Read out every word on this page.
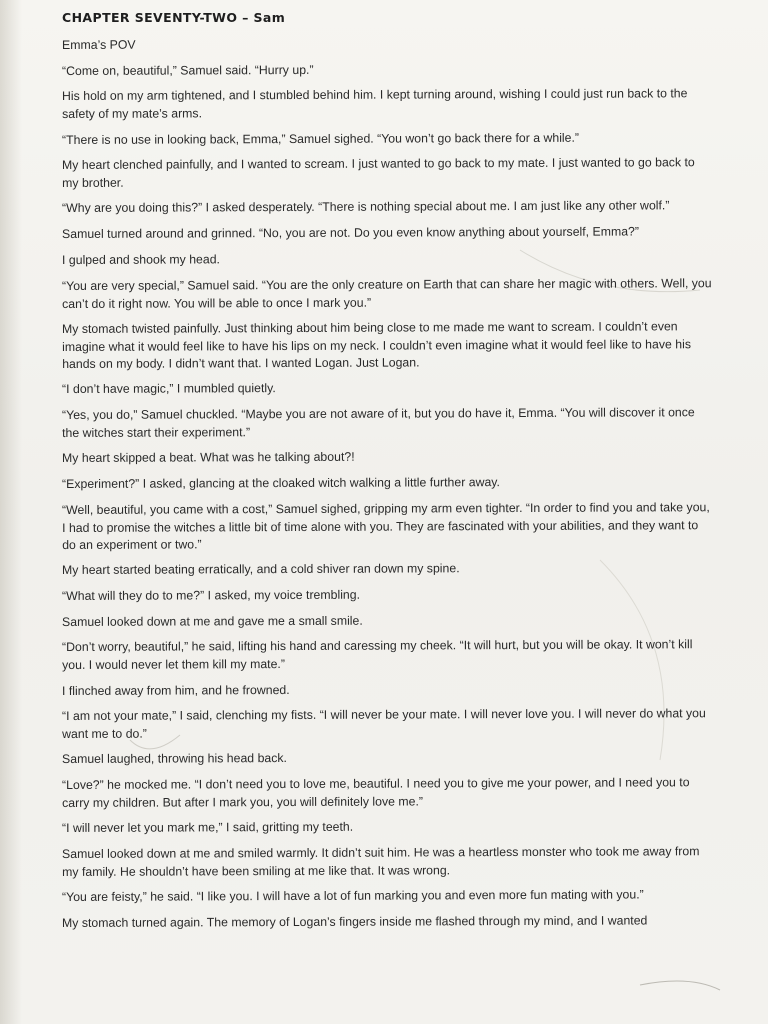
CHAPTER SEVENTY-TWO – Sam

Emma’s POV

“Come on, beautiful,” Samuel said. “Hurry up.”

His hold on my arm tightened, and I stumbled behind him. I kept turning around, wishing I could just run back to the safety of my mate’s arms.

“There is no use in looking back, Emma,” Samuel sighed. “You won’t go back there for a while.”

My heart clenched painfully, and I wanted to scream. I just wanted to go back to my mate. I just wanted to go back to my brother.

“Why are you doing this?” I asked desperately. “There is nothing special about me. I am just like any other wolf.”

Samuel turned around and grinned. “No, you are not. Do you even know anything about yourself, Emma?”

I gulped and shook my head.

“You are very special,” Samuel said. “You are the only creature on Earth that can share her magic with others. Well, you can’t do it right now. You will be able to once I mark you.”

My stomach twisted painfully. Just thinking about him being close to me made me want to scream. I couldn’t even imagine what it would feel like to have his lips on my neck. I couldn’t even imagine what it would feel like to have his hands on my body. I didn’t want that. I wanted Logan. Just Logan.

“I don’t have magic,” I mumbled quietly.

“Yes, you do,” Samuel chuckled. “Maybe you are not aware of it, but you do have it, Emma. “You will discover it once the witches start their experiment.”

My heart skipped a beat. What was he talking about?!

“Experiment?” I asked, glancing at the cloaked witch walking a little further away.

“Well, beautiful, you came with a cost,” Samuel sighed, gripping my arm even tighter. “In order to find you and take you, I had to promise the witches a little bit of time alone with you. They are fascinated with your abilities, and they want to do an experiment or two.”

My heart started beating erratically, and a cold shiver ran down my spine.

“What will they do to me?” I asked, my voice trembling.

Samuel looked down at me and gave me a small smile.

“Don’t worry, beautiful,” he said, lifting his hand and caressing my cheek. “It will hurt, but you will be okay. It won’t kill you. I would never let them kill my mate.”

I flinched away from him, and he frowned.

“I am not your mate,” I said, clenching my fists. “I will never be your mate. I will never love you. I will never do what you want me to do.”

Samuel laughed, throwing his head back.

“Love?” he mocked me. “I don’t need you to love me, beautiful. I need you to give me your power, and I need you to carry my children. But after I mark you, you will definitely love me.”

“I will never let you mark me,” I said, gritting my teeth.

Samuel looked down at me and smiled warmly. It didn’t suit him. He was a heartless monster who took me away from my family. He shouldn’t have been smiling at me like that. It was wrong.

“You are feisty,” he said. “I like you. I will have a lot of fun marking you and even more fun mating with you.”

My stomach turned again. The memory of Logan’s fingers inside me flashed through my mind, and I wanted
